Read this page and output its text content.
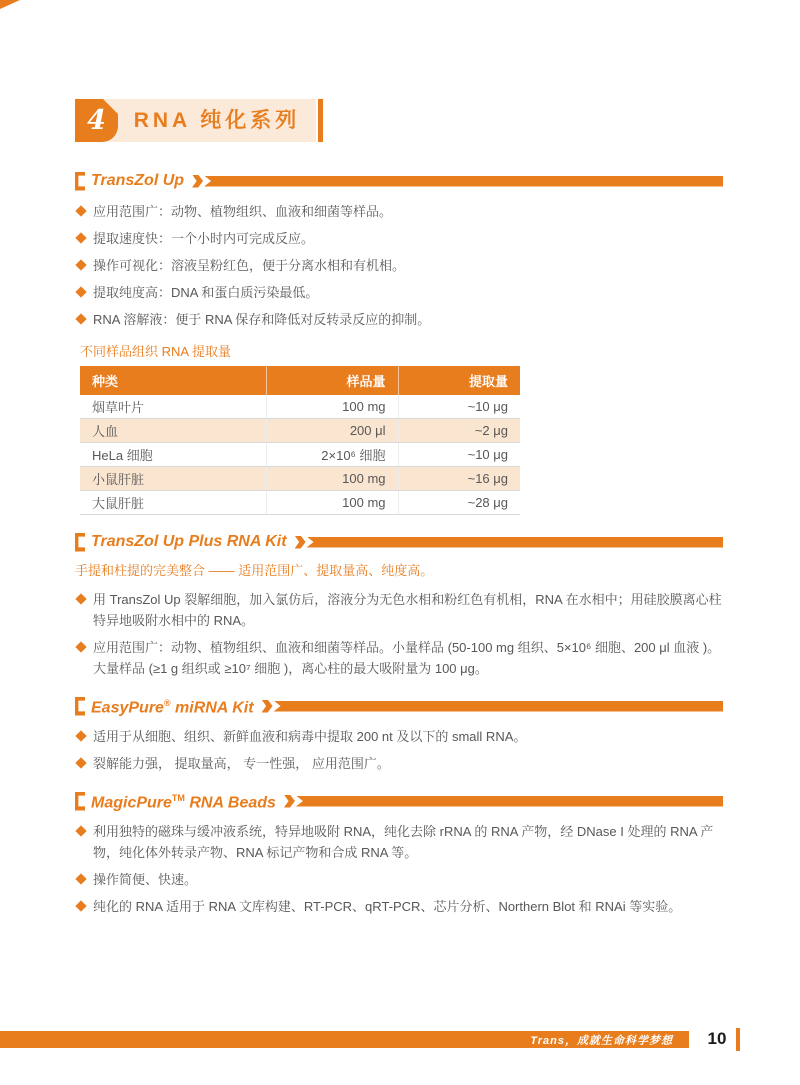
4	RNA 纯化系列
TransZol Up
应用范围广：动物、植物组织、血液和细菌等样品。
提取速度快：一个小时内可完成反应。
操作可视化：溶液呈粉红色，便于分离水相和有机相。
提取纯度高：DNA 和蛋白质污染最低。
RNA 溶解液：便于 RNA 保存和降低对反转录反应的抑制。
不同样品组织 RNA 提取量
种类	样品量	提取量
烟草叶片	100 mg	~10 μg
人血	200 μl	~2 μg
HeLa 细胞	2×10⁶ 细胞	~10 μg
小鼠肝脏	100 mg	~16 μg
大鼠肝脏	100 mg	~28 μg
TransZol Up Plus RNA Kit

手提和柱提的完美整合 —— 适用范围广、提取量高、纯度高。

用 TransZol Up 裂解细胞，加入氯仿后，溶液分为无色水相和粉红色有机相，RNA 在水相中；用硅胶膜离心柱特异地吸附水相中的 RNA。
应用范围广：动物、植物组织、血液和细菌等样品。小量样品 (50-100 mg 组织、5×10⁶ 细胞、200 μl 血液 )。大量样品 (≥1 g 组织或 ≥10⁷ 细胞 )，离心柱的最大吸附量为 100 μg。
EasyPure® miRNA Kit
适用于从细胞、组织、新鲜血液和病毒中提取 200 nt 及以下的 small RNA。
裂解能力强， 提取量高， 专一性强， 应用范围广。
MagicPure™ RNA Beads
利用独特的磁珠与缓冲液系统，特异地吸附 RNA，纯化去除 rRNA 的 RNA 产物，经 DNase I 处理的 RNA 产物，纯化体外转录产物、RNA 标记产物和合成 RNA 等。
操作简便、快速。
纯化的 RNA 适用于 RNA 文库构建、RT-PCR、qRT-PCR、芯片分析、Northern Blot 和 RNAi 等实验。
Trans，成就生命科学梦想	10
